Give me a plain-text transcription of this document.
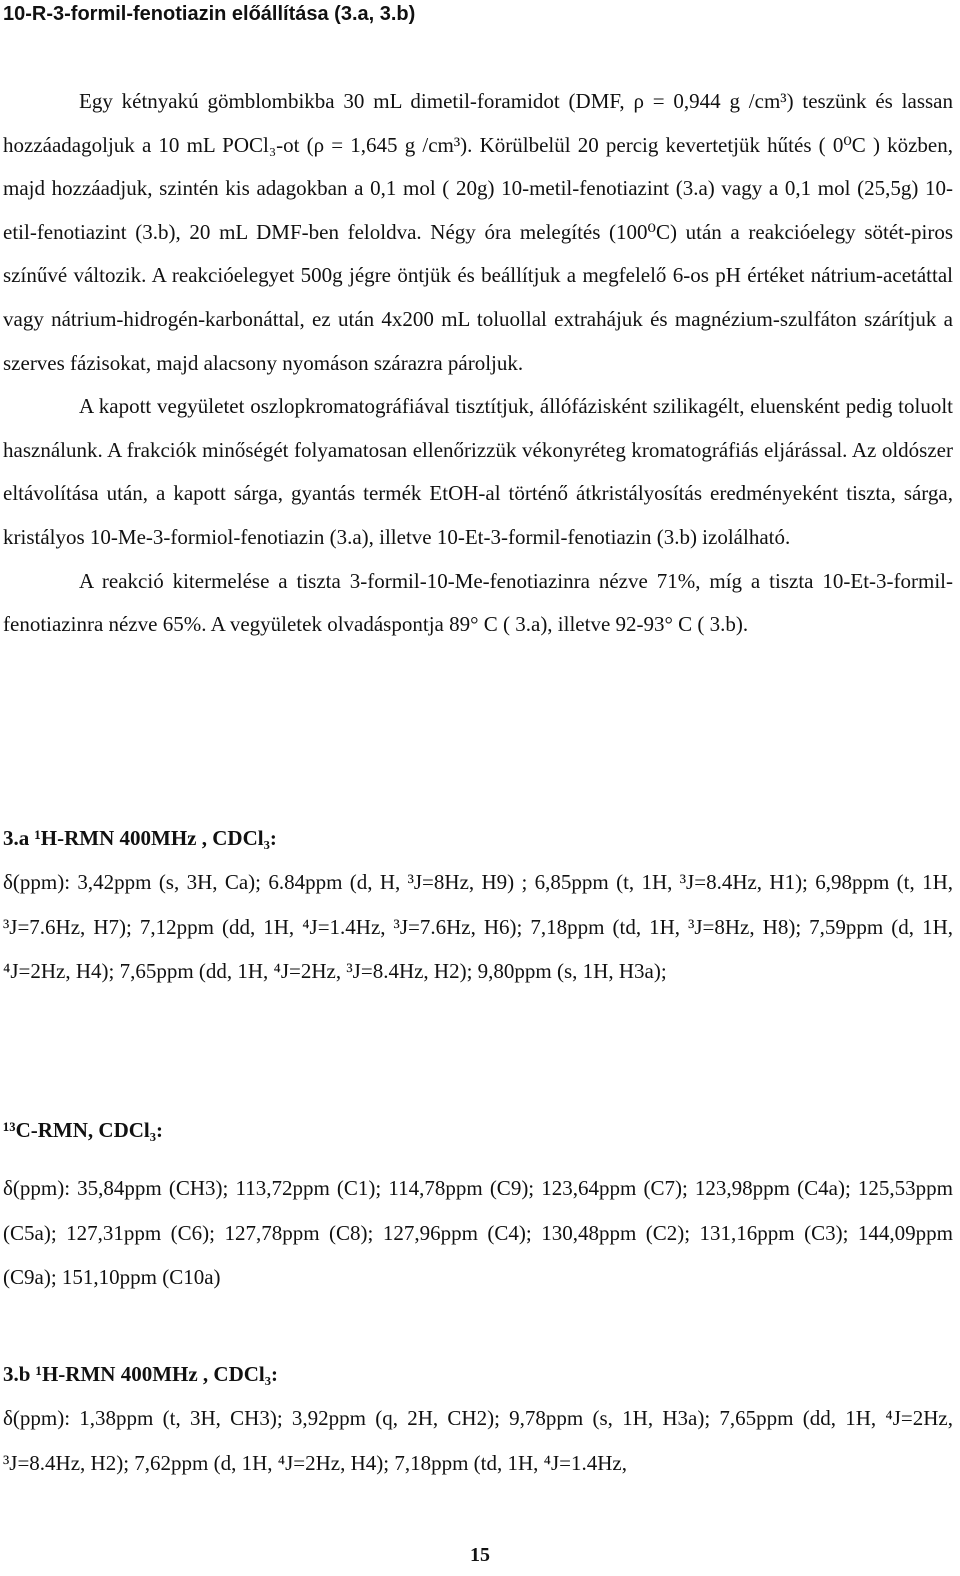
10-R-3-formil-fenotiazin előállítása (3.a, 3.b)

Egy kétnyakú gömblombikba 30 mL dimetil-foramidot (DMF, ρ = 0,944 g /cm³) teszünk és lassan hozzáadagoljuk a 10 mL POCl₃-ot (ρ = 1,645 g /cm³). Körülbelül 20 percig kevertetjük hűtés ( 0⁰C ) közben, majd hozzáadjuk, szintén kis adagokban a 0,1 mol ( 20g) 10-metil-fenotiazint (3.a) vagy a 0,1 mol (25,5g) 10-etil-fenotiazint (3.b), 20 mL DMF-ben feloldva. Négy óra melegítés (100⁰C) után a reakcióelegy sötét-piros színűvé változik. A reakcióelegyet 500g jégre öntjük és beállítjuk a megfelelő 6-os pH értéket nátrium-acetáttal vagy nátrium-hidrogén-karbonáttal, ez után 4x200 mL toluollal extrahájuk és magnézium-szulfáton szárítjuk a szerves fázisokat, majd alacsony nyomáson szárazra pároljuk.

A kapott vegyületet oszlopkromatográfiával tisztítjuk, állófázisként szilikagélt, eluensként pedig toluolt használunk. A frakciók minőségét folyamatosan ellenőrizzük vékonyréteg kromatográfiás eljárással. Az oldószer eltávolítása után, a kapott sárga, gyantás termék EtOH-al történő átkristályosítás eredményeként tiszta, sárga, kristályos 10-Me-3-formiol-fenotiazin (3.a), illetve 10-Et-3-formil-fenotiazin (3.b) izolálható.

A reakció kitermelése a tiszta 3-formil-10-Me-fenotiazinra nézve 71%, míg a tiszta 10-Et-3-formil-fenotiazinra nézve 65%. A vegyületek olvadáspontja 89° C ( 3.a), illetve 92-93° C ( 3.b).

3.a ¹H-RMN 400MHz , CDCl₃:
δ(ppm): 3,42ppm (s, 3H, Ca); 6.84ppm (d, H, ³J=8Hz, H9) ; 6,85ppm (t, 1H, ³J=8.4Hz, H1); 6,98ppm (t, 1H, ³J=7.6Hz, H7); 7,12ppm (dd, 1H, ⁴J=1.4Hz, ³J=7.6Hz, H6); 7,18ppm (td, 1H, ³J=8Hz, H8); 7,59ppm (d, 1H, ⁴J=2Hz, H4); 7,65ppm (dd, 1H, ⁴J=2Hz, ³J=8.4Hz, H2); 9,80ppm (s, 1H, H3a);
¹³C-RMN, CDCl₃:
δ(ppm): 35,84ppm (CH3); 113,72ppm (C1); 114,78ppm (C9); 123,64ppm (C7); 123,98ppm (C4a); 125,53ppm (C5a); 127,31ppm (C6); 127,78ppm (C8); 127,96ppm (C4); 130,48ppm (C2); 131,16ppm (C3); 144,09ppm (C9a); 151,10ppm (C10a)
3.b ¹H-RMN 400MHz , CDCl₃:
δ(ppm): 1,38ppm (t, 3H, CH3); 3,92ppm (q, 2H, CH2); 9,78ppm (s, 1H, H3a); 7,65ppm (dd, 1H, ⁴J=2Hz, ³J=8.4Hz, H2); 7,62ppm (d, 1H, ⁴J=2Hz, H4); 7,18ppm (td, 1H, ⁴J=1.4Hz,
15
